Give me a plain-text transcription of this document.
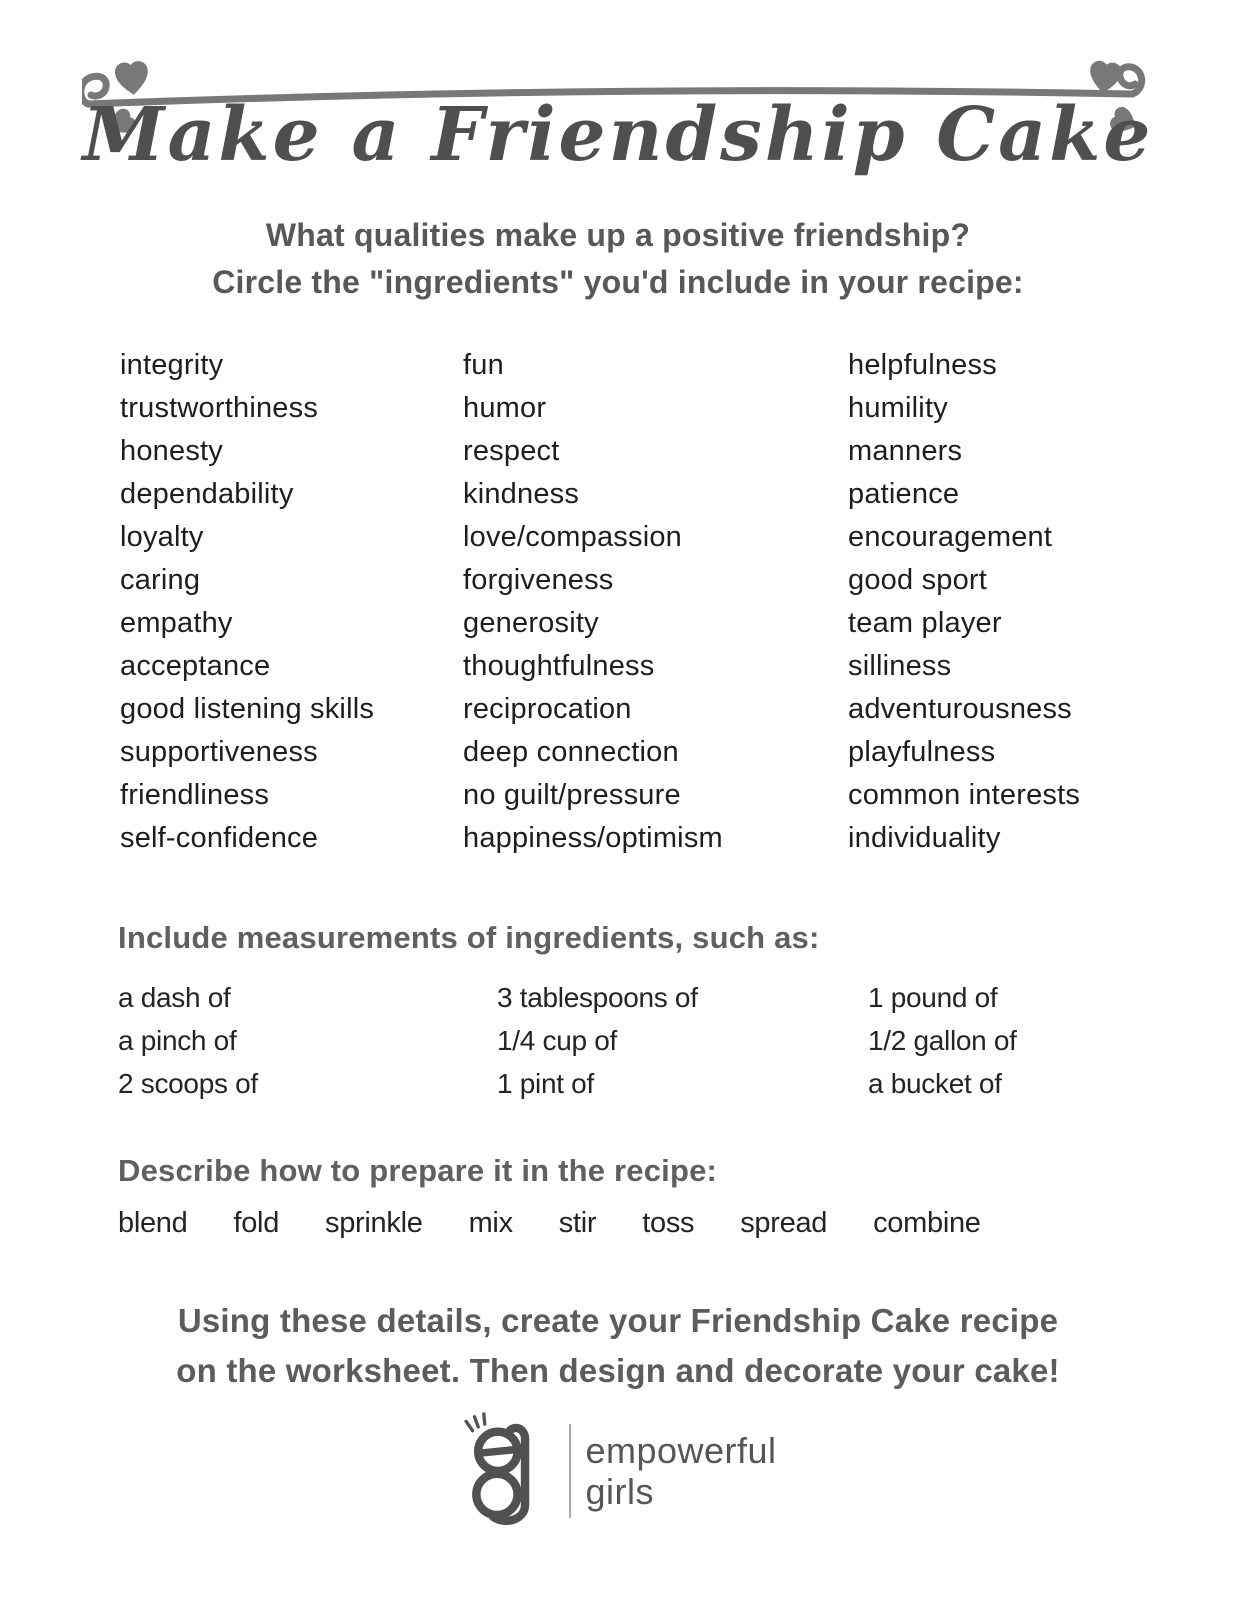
Make a Friendship Cake
What qualities make up a positive friendship?
Circle the "ingredients" you'd include in your recipe:
integrity
trustworthiness
honesty
dependability
loyalty
caring
empathy
acceptance
good listening skills
supportiveness
friendliness
self-confidence
fun
humor
respect
kindness
love/compassion
forgiveness
generosity
thoughtfulness
reciprocation
deep connection
no guilt/pressure
happiness/optimism
helpfulness
humility
manners
patience
encouragement
good sport
team player
silliness
adventurousness
playfulness
common interests
individuality
Include measurements of ingredients, such as:
a dash of
a pinch of
2 scoops of
3 tablespoons of
1/4 cup of
1 pint of
1 pound of
1/2 gallon of
a bucket of
Describe how to prepare it in the recipe:
blend fold sprinkle mix stir toss spread combine
Using these details, create your Friendship Cake recipe
on the worksheet. Then design and decorate your cake!
empowerful
girls
